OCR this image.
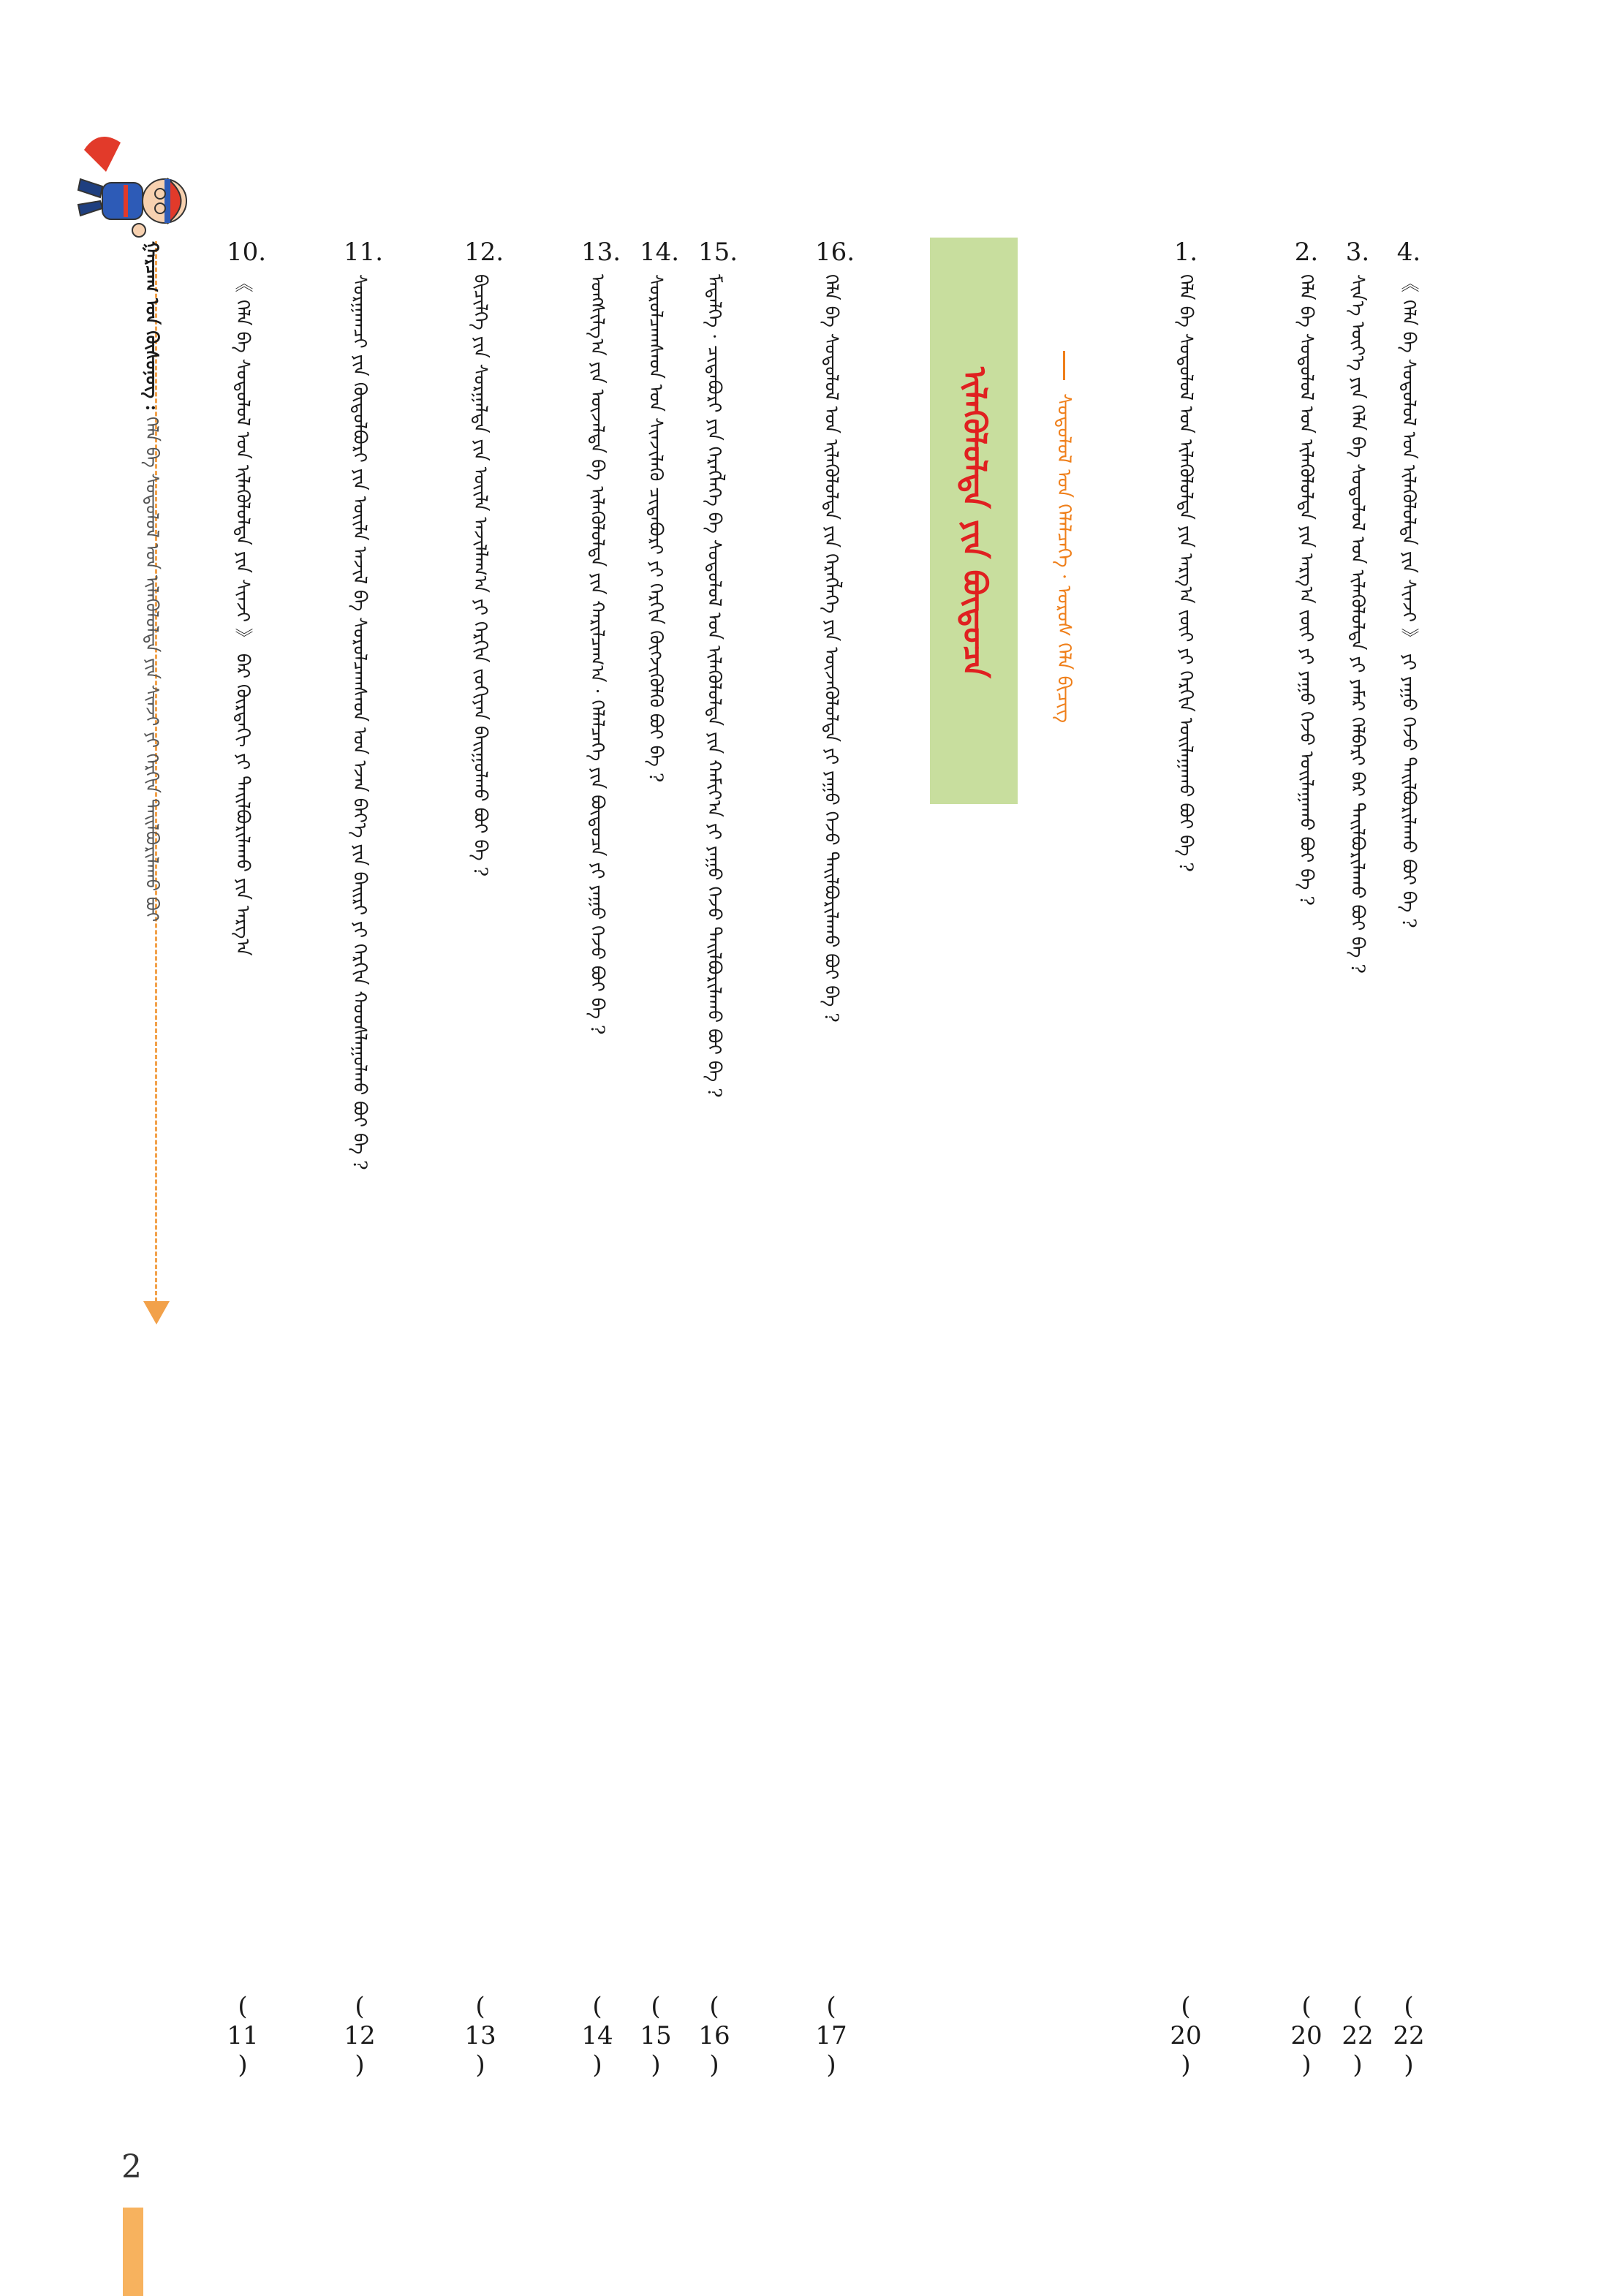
4.
《 ᠬᠡᠯᠡ ᠪᠡ ᠰᠤᠳᠤᠯᠤᠯ ᠤᠨ ᠢᠯᠡᠭᠦᠯᠦᠯᠲᠡ ᠶᠢᠨ ᠰᠢᠨᠵᠢ 》 ᠶᠢ ᠶᠠᠭᠤ ᠭᠡᠵᠦ ᠲᠠᠢᠯᠪᠤᠷᠢᠯᠠᠬᠤ ᠪᠤᠢ ᠪᠡ ?
( 22 )
3.
ᠰᠢᠨ᠎ᠡ ᠦᠶ᠎ᠡ ᠶᠢᠨ ᠬᠡᠯᠡ ᠪᠡ ᠰᠤᠳᠤᠯᠤᠯ ᠤᠨ ᠢᠯᠡᠭᠦᠯᠦᠯᠲᠡ ᠶᠢ ᠶᠠᠮᠠᠷ ᠬᠡᠯᠪᠡᠷᠢ ᠪᠡᠷ ᠲᠠᠢᠯᠪᠤᠷᠢᠯᠠᠬᠤ ᠪᠤᠢ ᠪᠡ ?
( 22 )
2.
ᠬᠡᠯᠡ ᠪᠡ ᠰᠤᠳᠤᠯᠤᠯ ᠤᠨ ᠢᠯᠡᠭᠦᠯᠦᠯᠲᠡ ᠶᠢᠨ ᠠᠷᠭ᠎ᠠ ᠵᠦᠢ ᠶᠢ ᠶᠠᠭᠤ ᠭᠡᠵᠦ ᠤᠢᠯᠠᠭᠠᠬᠤ ᠪᠤᠢ ᠪᠡ ?
( 20 )
1.
ᠬᠡᠯᠡ ᠪᠡ ᠰᠤᠳᠤᠯᠤᠯ ᠤᠨ ᠢᠯᠡᠭᠦᠯᠦᠯᠲᠡ ᠶᠢᠨ ᠠᠷᠭ᠎ᠠ ᠵᠦᠢ ᠶᠢ ᠬᠡᠷᠬᠢᠨ ᠣᠢᠯᠠᠭᠠᠬᠤ ᠪᠤᠢ ᠪᠡ ?
( 20 )
ᠰᠤᠳᠤᠯᠤᠯ ᠤᠨ ᠬᠡᠯᠡᠯᠴᠡᠭᠡ · ᠤᠷᠤᠰ ᠬᠡᠯᠡ ᠪᠢᠴᠢᠭ
ᠢᠯᠡᠭᠦᠯᠦᠯᠲᠡ ᠶᠢᠨ ᠪᠦᠲᠦᠴᠡ
16.
ᠬᠡᠯᠡ ᠪᠡ ᠰᠤᠳᠤᠯᠤᠯ ᠤᠨ ᠢᠯᠡᠭᠦᠯᠦᠯᠲᠡ ᠶᠢᠨ ᠬᠡᠷᠡᠭᠯᠡᠭᠡ ᠶᠢᠨ ᠦᠵᠡᠭᠦᠯᠦᠯᠲᠡ ᠶᠢ ᠶᠠᠭᠤ ᠭᠡᠵᠦ ᠲᠠᠢᠯᠪᠤᠷᠢᠯᠠᠬᠤ ᠪᠤᠢ ᠪᠡ ?
( 17 )
15.
ᠮᠡᠳᠡᠯᠭᠡ · ᠴᠢᠳᠠᠪᠤᠷᠢ ᠶᠢᠨ ᠬᠡᠷᠡᠭᠯᠡᠭᠡ ᠪᠠ ᠰᠤᠳᠤᠯᠤᠯ ᠤᠨ ᠢᠯᠡᠭᠦᠯᠦᠯᠲᠡ ᠶᠢᠨ ᠬᠠᠮᠢᠶ᠎ᠠ ᠶᠢ ᠶᠠᠭᠤ ᠭᠡᠵᠦ ᠲᠠᠢᠯᠪᠤᠷᠢᠯᠠᠬᠤ ᠪᠤᠢ ᠪᠡ ?
( 16 )
14.
ᠰᠤᠷᠤᠯᠴᠠᠭᠰᠠᠳ ᠤᠨ ᠰᠢᠨᠵᠢᠯᠡᠬᠦ ᠴᠢᠳᠠᠪᠤᠷᠢ ᠶᠢ ᠬᠡᠷᠬᠢᠨ ᠬᠥᠭᠵᠢᠭᠦᠯᠬᠦ ᠪᠤᠢ ᠪᠡ ?
( 15 )
13.
ᠤᠩᠰᠢᠯᠭ᠎ᠠ ᠶᠢᠨ ᠦᠵᠡᠯᠲᠡ ᠪᠠ ᠢᠯᠡᠭᠦᠯᠦᠯᠲᠡ ᠶᠢᠨ ᠬᠠᠷᠢᠯᠴᠠᠭ᠎ᠠ · ᠬᠡᠯᠡᠯᠴᠡᠭᠡ ᠶᠢᠨ ᠪᠦᠲᠦᠴᠡ ᠶᠢ ᠶᠠᠭᠤ ᠭᠡᠵᠦ ᠪᠤᠢ ᠪᠡ ?
( 14 )
12.
ᠪᠢᠴᠢᠯᠭᠡ ᠶᠢᠨ ᠰᠤᠷᠭᠠᠯᠲᠠ ᠶᠢᠨ ᠦᠢᠯᠡ ᠠᠵᠢᠯᠯᠠᠭ᠎ᠠ ᠶᠢ ᠬᠡᠷᠬᠢᠨ ᠵᠣᠬᠢᠶᠠᠨ ᠪᠠᠢᠭᠤᠯᠬᠤ ᠪᠤᠢ ᠪᠡ ?
( 13 )
11.
ᠰᠤᠷᠭᠠᠭᠴᠢ ᠶᠢᠨ ᠬᠥᠲᠦᠯᠪᠦᠷᠢ ᠶᠢᠨ ᠦᠢᠯᠡ ᠠᠵᠢᠯ ᠪᠠ ᠰᠤᠷᠤᠯᠴᠠᠭᠰᠠᠳ ᠤᠨ ᠡᠵᠡᠨ ᠪᠡᠶ᠎ᠡ ᠶᠢᠨ ᠪᠠᠢᠷᠢ ᠶᠢ ᠬᠡᠷᠬᠢᠨ ᠬᠣᠣᠰᠯᠠᠭᠤᠯᠬᠤ ᠪᠤᠢ ᠪᠡ ?
( 12 )
10.
《 ᠬᠡᠯᠡ ᠪᠡ ᠰᠤᠳᠤᠯᠤᠯ ᠤᠨ ᠢᠯᠡᠭᠦᠯᠦᠯᠲᠡ ᠶᠢᠨ ᠰᠢᠨᠵᠢ 》 ᠪᠡᠷ ᠬᠦᠷᠳᠡᠭ᠌ᠢ ᠶᠢ ᠲᠠᠢᠯᠪᠤᠷᠢᠯᠠᠬᠤ ᠶᠢᠨ ᠠᠷᠭ᠎ᠠ
( 11 )
ᠭᠠᠷᠴᠠᠭ ᠤᠨ ᠬᠦᠰᠦᠨᠦᠭ : ᠬᠡᠯᠡ ᠪᠡ ᠰᠤᠳᠤᠯᠤᠯ ᠤᠨ ᠢᠯᠡᠭᠦᠯᠦᠯᠲᠡ ᠶᠢᠨ ᠰᠢᠨᠵᠢ ᠶᠢ ᠬᠡᠷᠬᠢᠨ ᠲᠠᠢᠯᠪᠤᠷᠢᠯᠠᠬᠤ ᠪᠤᠢ
2
